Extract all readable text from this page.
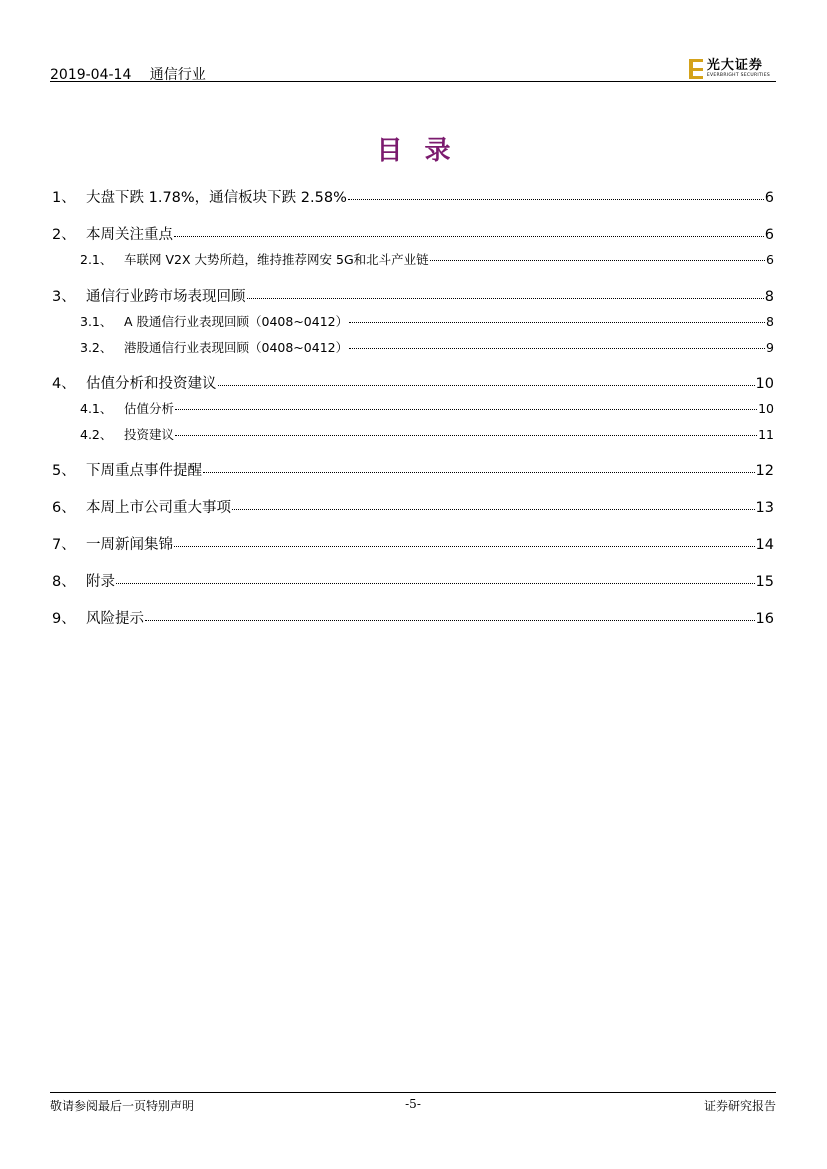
2019-04-14　 通信行业
光大证券
EVERBRIGHT SECURITIES
目录
1、 大盘下跌 1.78%，通信板块下跌 2.58%	6
2、 本周关注重点	6
2.1、 车联网 V2X 大势所趋，维持推荐网安 5G和北斗产业链	6
3、 通信行业跨市场表现回顾	8
3.1、 A 股通信行业表现回顾（0408~0412）	8
3.2、 港股通信行业表现回顾（0408~0412）	9
4、 估值分析和投资建议	10
4.1、 估值分析	10
4.2、 投资建议	11
5、 下周重点事件提醒	12
6、 本周上市公司重大事项	13
7、 一周新闻集锦	14
8、 附录	15
9、 风险提示	16
敬请参阅最后一页特别声明	-5-	证券研究报告
